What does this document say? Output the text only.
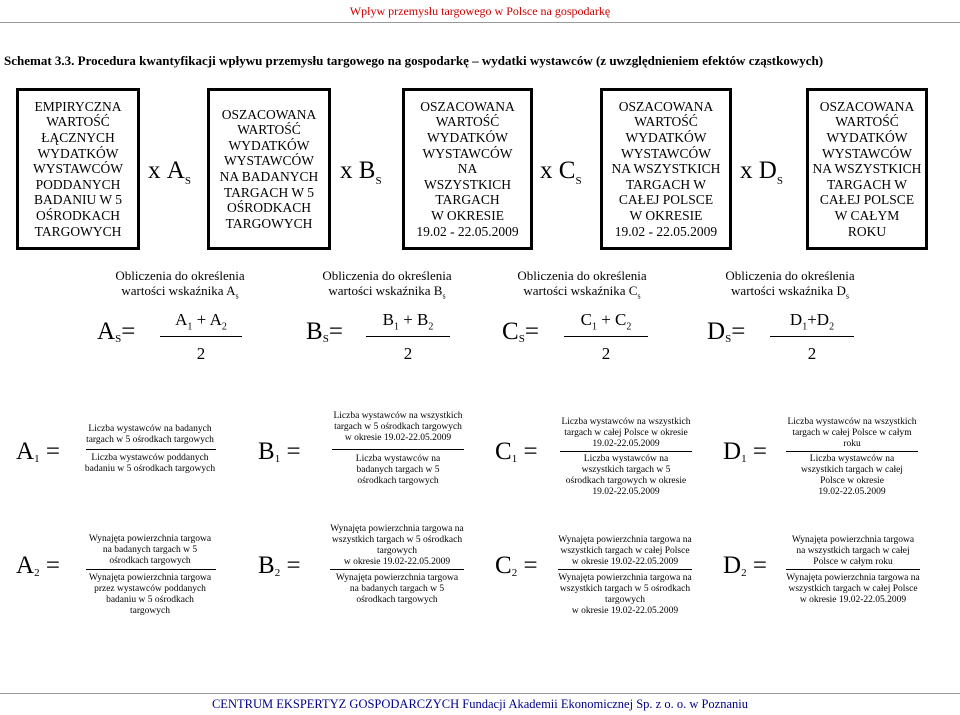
Wpływ przemysłu targowego w Polsce na gospodarkę
Schemat 3.3. Procedura kwantyfikacji wpływu przemysłu targowego na gospodarkę – wydatki wystawców (z uwzględnieniem efektów cząstkowych)
EMPIRYCZNA
WARTOŚĆ
ŁĄCZNYCH
WYDATKÓW
WYSTAWCÓW
PODDANYCH
BADANIU W 5
OŚRODKACH
TARGOWYCH
OSZACOWANA
WARTOŚĆ
WYDATKÓW
WYSTAWCÓW
NA BADANYCH
TARGACH W 5
OŚRODKACH
TARGOWYCH
OSZACOWANA
WARTOŚĆ
WYDATKÓW
WYSTAWCÓW
NA
WSZYSTKICH
TARGACH
W OKRESIE
19.02 - 22.05.2009
OSZACOWANA
WARTOŚĆ
WYDATKÓW
WYSTAWCÓW
NA WSZYSTKICH
TARGACH W
CAŁEJ POLSCE
W OKRESIE
19.02 - 22.05.2009
OSZACOWANA
WARTOŚĆ
WYDATKÓW
WYSTAWCÓW
NA WSZYSTKICH
TARGACH W
CAŁEJ POLSCE
W CAŁYM
ROKU
x $A_S$	x $B_S$	x $C_S$	x $D_S$
Obliczenia do określenia
wartości wskaźnika $A_s$
Obliczenia do określenia
wartości wskaźnika $B_s$
Obliczenia do określenia
wartości wskaźnika $C_s$
Obliczenia do określenia
wartości wskaźnika $D_s$
$A_S=$	$A_1 + A_2$
2
$B_S=$	$B_1 + B_2$
2
$C_S=$	$C_1 + C_2$
2
$D_S=$	$D_1+D_2$
2
$A_1$ =
Liczba wystawców na badanych
targach w 5 ośrodkach targowych
Liczba wystawców poddanych
badaniu w 5 ośrodkach targowych
$B_1$ =
Liczba wystawców na wszystkich
targach w 5 ośrodkach targowych
w okresie 19.02-22.05.2009
Liczba wystawców na
badanych targach w 5
ośrodkach targowych
$C_1$ =
Liczba wystawców na wszystkich
targach w całej Polsce w okresie
19.02-22.05.2009
Liczba wystawców na
wszystkich targach w 5
ośrodkach targowych w okresie
19.02-22.05.2009
$D_1$ =
Liczba wystawców na wszystkich
targach w całej Polsce w całym
roku
Liczba wystawców na
wszystkich targach w całej
Polsce w okresie
19.02-22.05.2009
$A_2$ =
Wynajęta powierzchnia targowa
na badanych targach w 5
ośrodkach targowych
Wynajęta powierzchnia targowa
przez wystawców poddanych
badaniu w 5 ośrodkach
targowych
$B_2$ =
Wynajęta powierzchnia targowa na
wszystkich targach w 5 ośrodkach
targowych
w okresie 19.02-22.05.2009
Wynajęta powierzchnia targowa
na badanych targach w 5
ośrodkach targowych
$C_2$ =
Wynajęta powierzchnia targowa na
wszystkich targach w całej Polsce
w okresie 19.02-22.05.2009
Wynajęta powierzchnia targowa na
wszystkich targach w 5 ośrodkach
targowych
w okresie 19.02-22.05.2009
$D_2$ =
Wynajęta powierzchnia targowa
na wszystkich targach w całej
Polsce w całym roku
Wynajęta powierzchnia targowa na
wszystkich targach w całej Polsce
w okresie 19.02-22.05.2009
CENTRUM EKSPERTYZ GOSPODARCZYCH Fundacji Akademii Ekonomicznej Sp. z o. o. w Poznaniu
